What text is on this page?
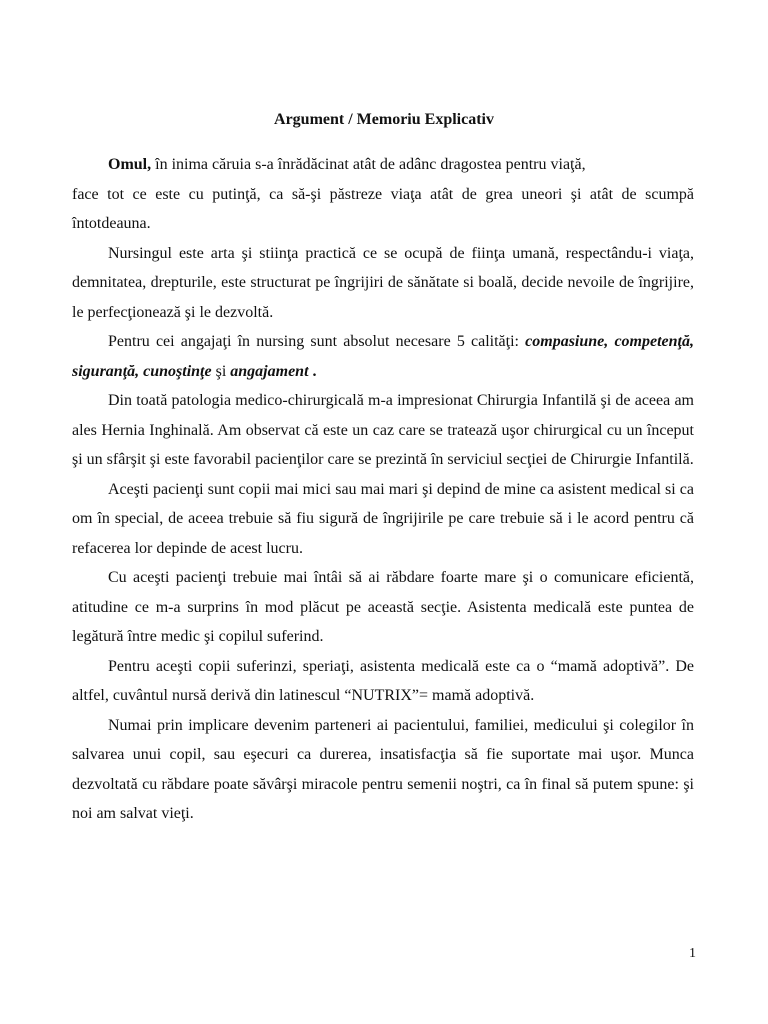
Argument / Memoriu Explicativ

Omul, în inima căruia s-a înrădăcinat atât de adânc dragostea pentru viaţă,

face tot ce este cu putinţă, ca să-şi păstreze viaţa atât de grea uneori şi atât de scumpă întotdeauna.

Nursingul este arta şi stiinţa practică ce se ocupă de fiinţa umană, respectându-i viaţa, demnitatea, drepturile, este structurat pe îngrijiri de sănătate si boală, decide nevoile de îngrijire, le perfecţionează şi le dezvoltă.

Pentru cei angajaţi în nursing sunt absolut necesare 5 calităţi: compasiune, competenţă, siguranţă, cunoştinţe şi angajament .

Din toată patologia medico-chirurgicală m-a impresionat Chirurgia Infantilă şi de aceea am ales Hernia Inghinală. Am observat că este un caz care se tratează uşor chirurgical cu un început şi un sfârşit şi este favorabil pacienţilor care se prezintă în serviciul secţiei de Chirurgie Infantilă.

Aceşti pacienţi sunt copii mai mici sau mai mari şi depind de mine ca asistent medical si ca om în special, de aceea trebuie să fiu sigură de îngrijirile pe care trebuie să i le acord pentru că refacerea lor depinde de acest lucru.

Cu aceşti pacienţi trebuie mai întâi să ai răbdare foarte mare şi o comunicare eficientă, atitudine ce m-a surprins în mod plăcut pe această secţie. Asistenta medicală este puntea de legătură între medic şi copilul suferind.

Pentru aceşti copii suferinzi, speriaţi, asistenta medicală este ca o “mamă adoptivă”. De altfel, cuvântul nursă derivă din latinescul “NUTRIX”= mamă adoptivă.

Numai prin implicare devenim parteneri ai pacientului, familiei, medicului şi colegilor în salvarea unui copil, sau eşecuri ca durerea, insatisfacţia să fie suportate mai uşor. Munca dezvoltată cu răbdare poate săvârşi miracole pentru semenii noştri, ca în final să putem spune: şi noi am salvat vieţi.

1
